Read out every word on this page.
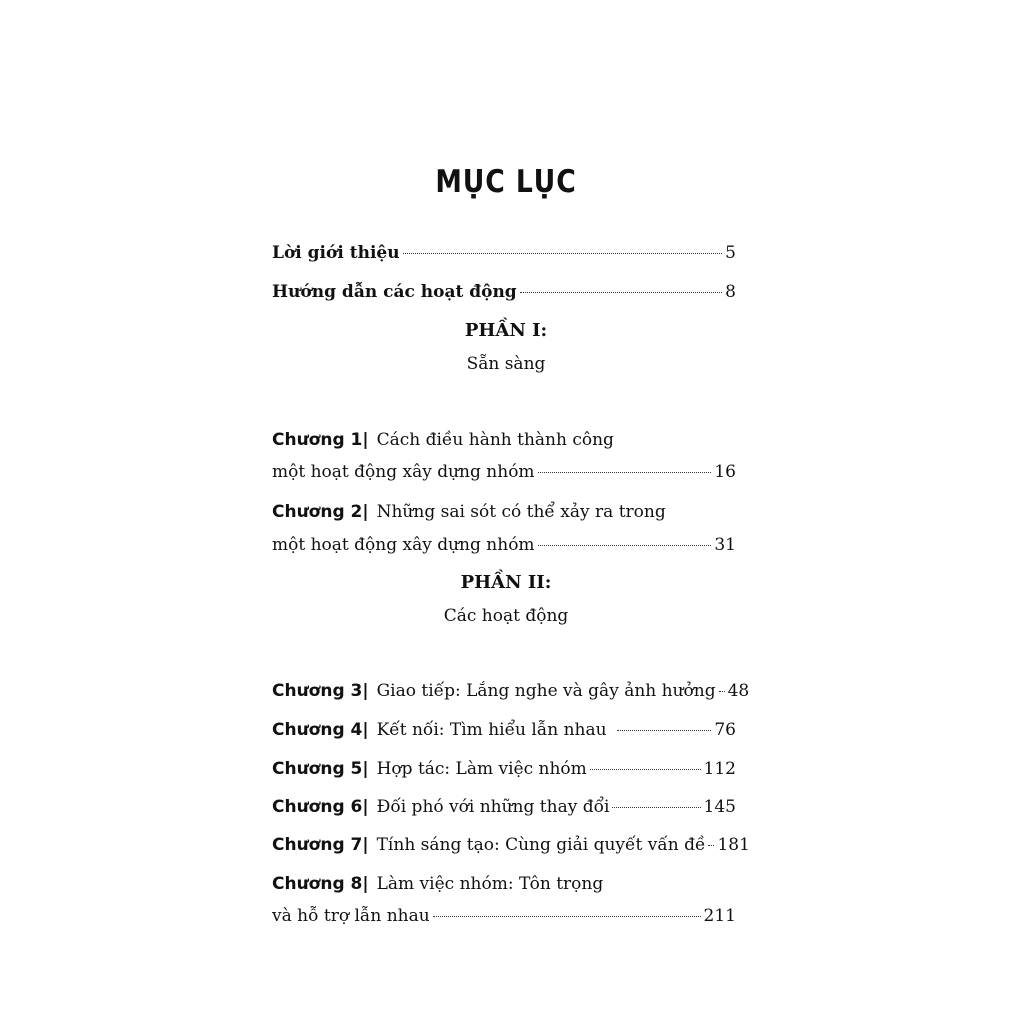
MỤC LỤC
Lời giới thiệu	5
Hướng dẫn các hoạt động	8
PHẦN I:
Sẵn sàng
Chương 1| Cách điều hành thành công
một hoạt động xây dựng nhóm	16
Chương 2| Những sai sót có thể xảy ra trong
một hoạt động xây dựng nhóm	31
PHẦN II:
Các hoạt động
Chương 3| Giao tiếp: Lắng nghe và gây ảnh hưởng 48
Chương 4| Kết nối: Tìm hiểu lẫn nhau	76
Chương 5| Hợp tác: Làm việc nhóm	112
Chương 6| Đối phó với những thay đổi	145
Chương 7| Tính sáng tạo: Cùng giải quyết vấn đề 181
Chương 8| Làm việc nhóm: Tôn trọng
và hỗ trợ lẫn nhau	211
